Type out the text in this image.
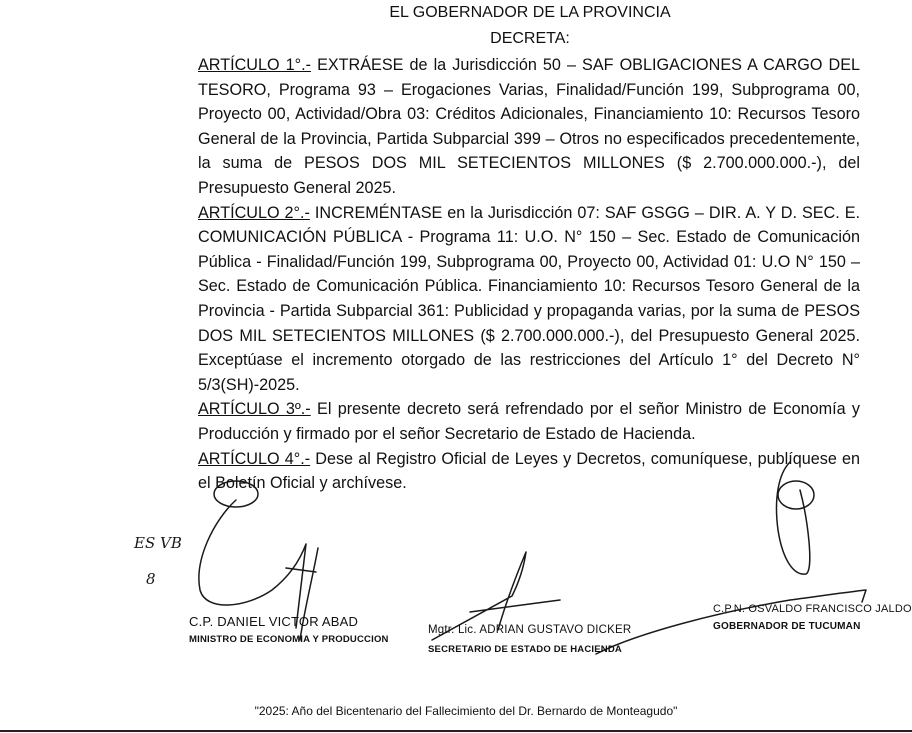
EL GOBERNADOR DE LA PROVINCIA
DECRETA:

ARTÍCULO 1°.- EXTRÁESE de la Jurisdicción 50 – SAF OBLIGACIONES A CARGO DEL TESORO, Programa 93 – Erogaciones Varias, Finalidad/Función 199, Subprograma 00, Proyecto 00, Actividad/Obra 03: Créditos Adicionales, Financiamiento 10: Recursos Tesoro General de la Provincia, Partida Subparcial 399 – Otros no especificados precedentemente, la suma de PESOS DOS MIL SETECIENTOS MILLONES ($ 2.700.000.000.-), del Presupuesto General 2025.

ARTÍCULO 2°.- INCREMÉNTASE en la Jurisdicción 07: SAF GSGG – DIR. A. Y D. SEC. E. COMUNICACIÓN PÚBLICA - Programa 11: U.O. N° 150 – Sec. Estado de Comunicación Pública - Finalidad/Función 199, Subprograma 00, Proyecto 00, Actividad 01: U.O N° 150 – Sec. Estado de Comunicación Pública. Financiamiento 10: Recursos Tesoro General de la Provincia - Partida Subparcial 361: Publicidad y propaganda varias, por la suma de PESOS DOS MIL SETECIENTOS MILLONES ($ 2.700.000.000.-), del Presupuesto General 2025. Exceptúase el incremento otorgado de las restricciones del Artículo 1° del Decreto N° 5/3(SH)-2025.

ARTÍCULO 3º.- El presente decreto será refrendado por el señor Ministro de Economía y Producción y firmado por el señor Secretario de Estado de Hacienda.

ARTÍCULO 4°.- Dese al Registro Oficial de Leyes y Decretos, comuníquese, publíquese en el Boletín Oficial y archívese.

ES VB
8
C.P. DANIEL VICTOR ABAD
MINISTRO DE ECONOMIA Y PRODUCCION
Mgtr. Lic. ADRIAN GUSTAVO DICKER
SECRETARIO DE ESTADO DE HACIENDA
C.P.N. OSVALDO FRANCISCO JALDO
GOBERNADOR DE TUCUMAN
"2025: Año del Bicentenario del Fallecimiento del Dr. Bernardo de Monteagudo"
